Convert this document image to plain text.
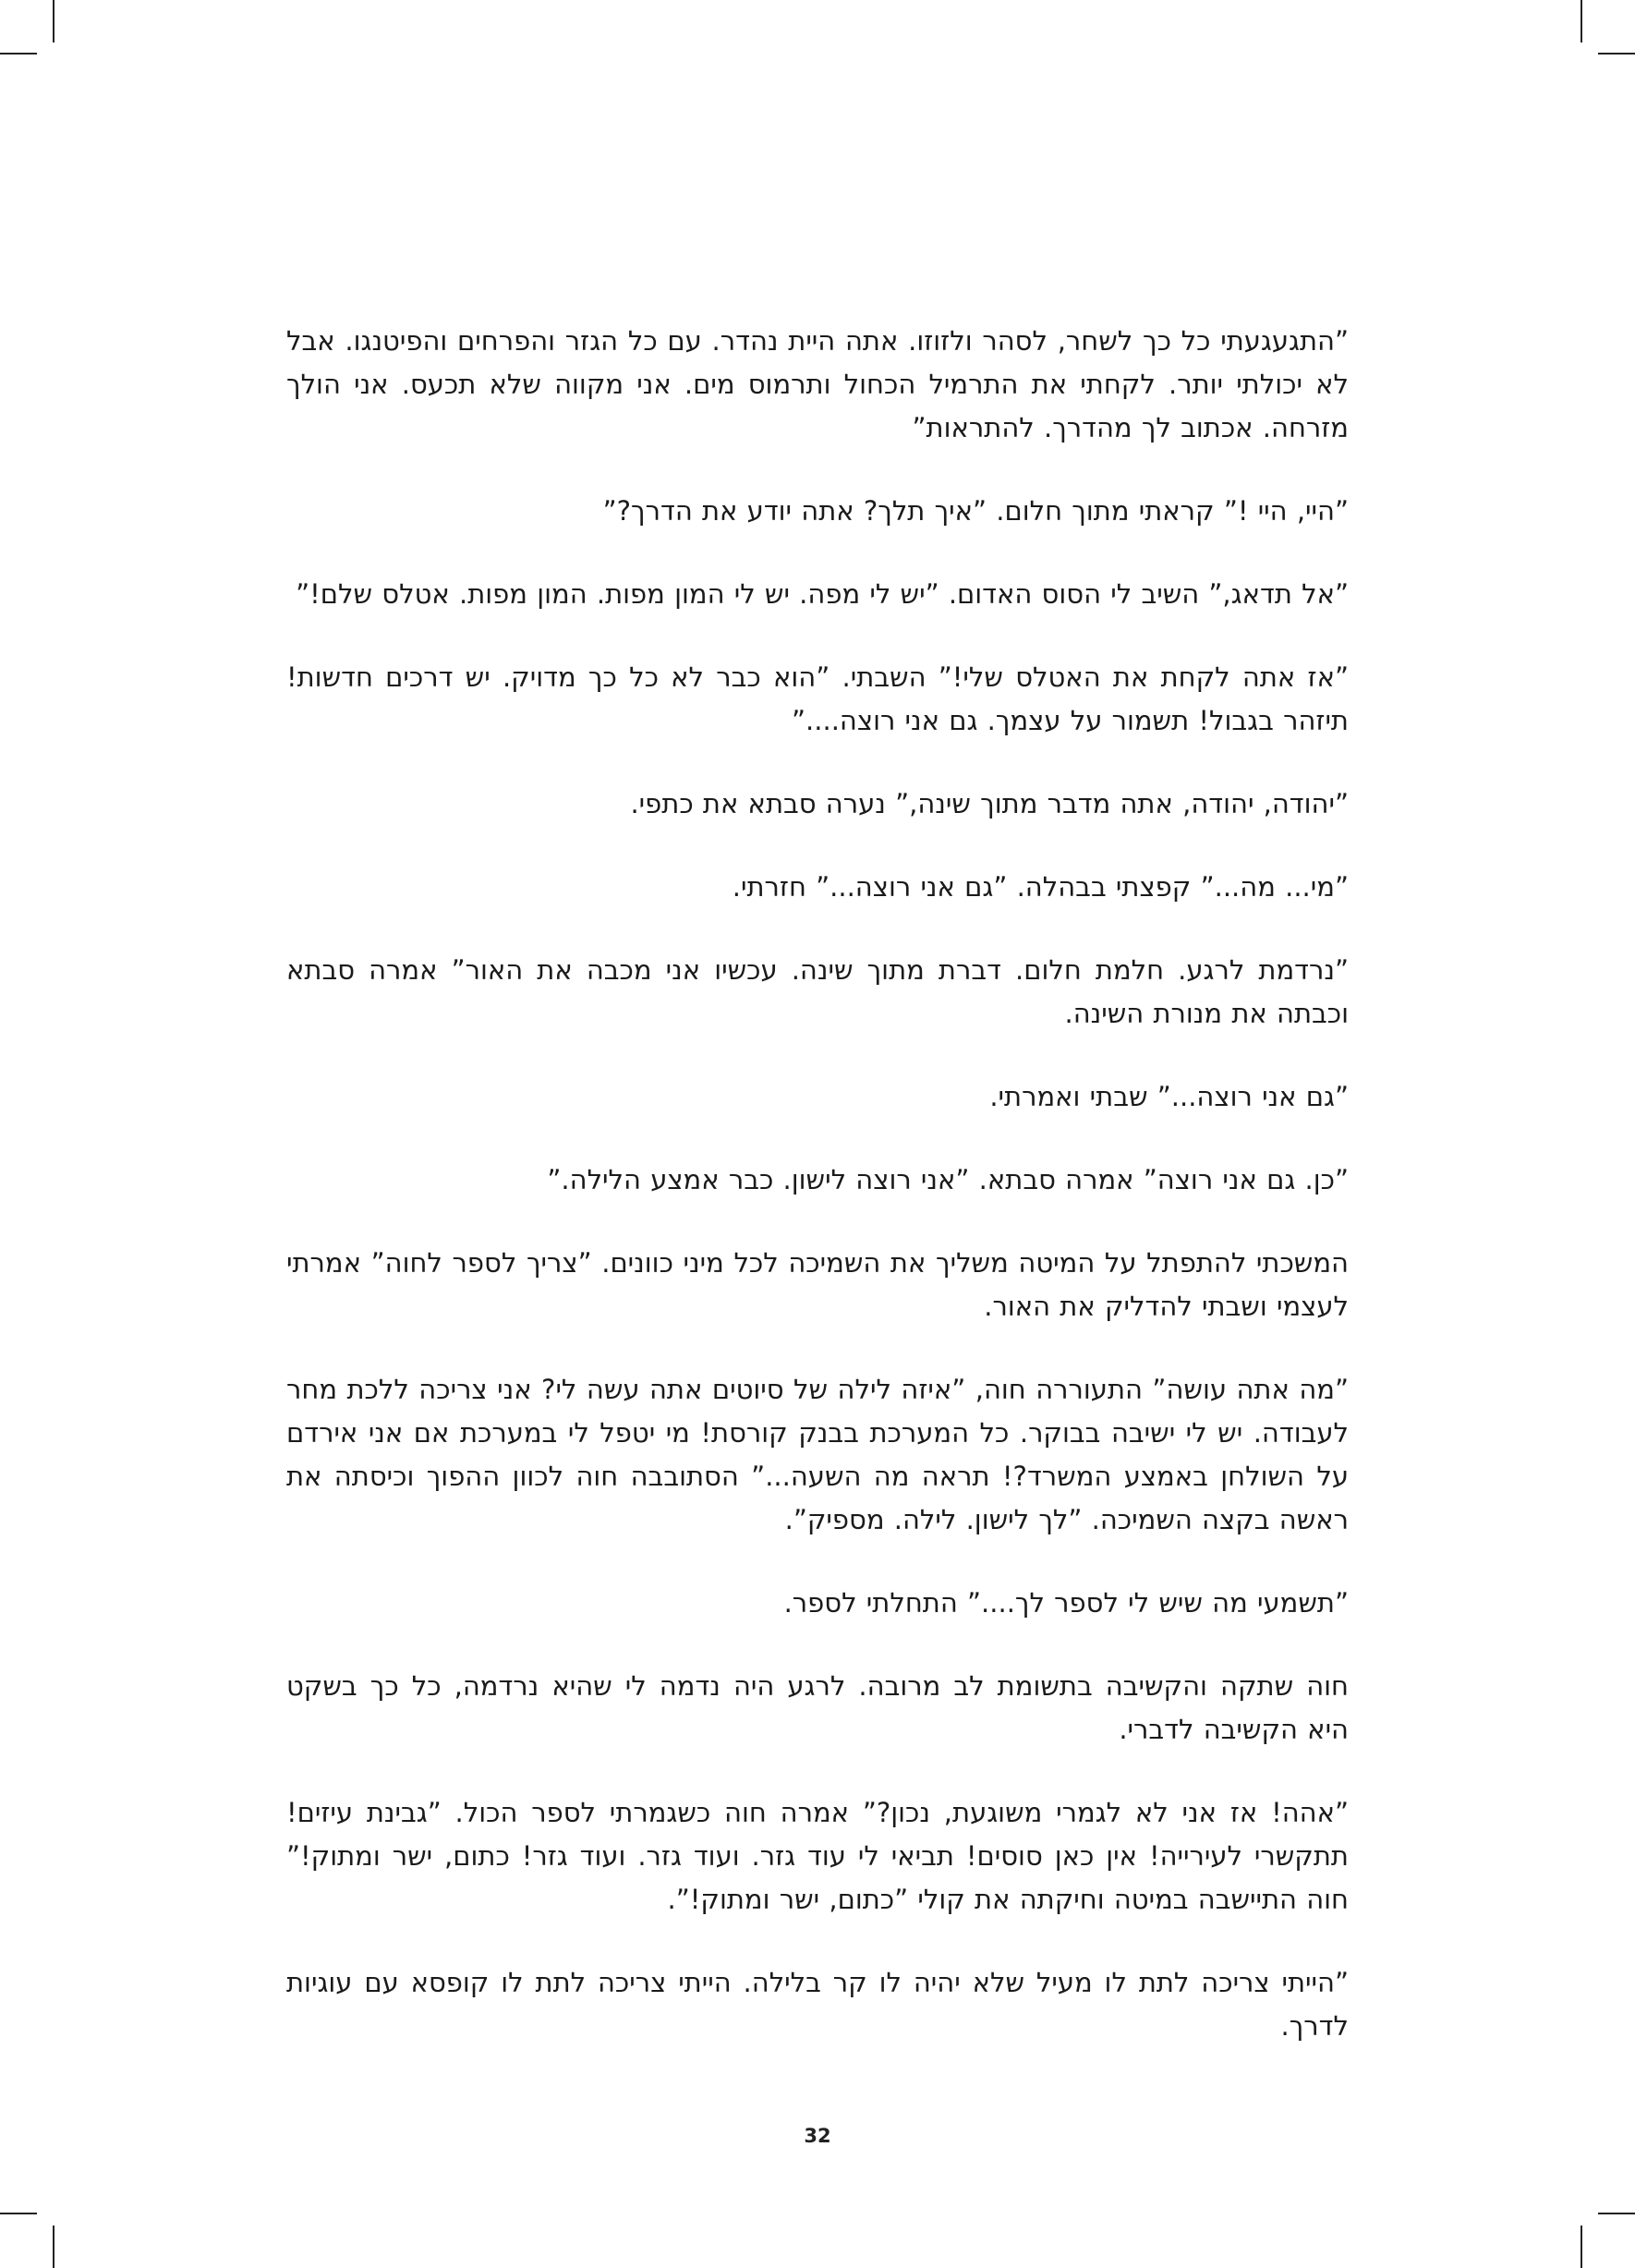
”התגעגעתי כל כך לשחר, לסהר ולזוזו. אתה היית נהדר. עם כל הגזר והפרחים והפיטנגו. אבל לא יכולתי יותר. לקחתי את התרמיל הכחול ותרמוס מים. אני מקווה שלא תכעס. אני הולך מזרחה. אכתוב לך מהדרך. להתראות”

”היי, היי !” קראתי מתוך חלום. ”איך תלך? אתה יודע את הדרך?”

”אל תדאג,” השיב לי הסוס האדום. ”יש לי מפה. יש לי המון מפות. המון מפות. אטלס שלם!”

”אז אתה לקחת את האטלס שלי!” השבתי. ”הוא כבר לא כל כך מדויק. יש דרכים חדשות! תיזהר בגבול! תשמור על עצמך. גם אני רוצה....”

”יהודה, יהודה, אתה מדבר מתוך שינה,” נערה סבתא את כתפי.

”מי... מה...” קפצתי בבהלה. ”גם אני רוצה...” חזרתי.

”נרדמת לרגע. חלמת חלום. דברת מתוך שינה. עכשיו אני מכבה את האור” אמרה סבתא וכבתה את מנורת השינה.

”גם אני רוצה...” שבתי ואמרתי.

”כן. גם אני רוצה” אמרה סבתא. ”אני רוצה לישון. כבר אמצע הלילה.”

המשכתי להתפתל על המיטה משליך את השמיכה לכל מיני כוונים. ”צריך לספר לחוה” אמרתי לעצמי ושבתי להדליק את האור.

”מה אתה עושה” התעוררה חוה, ”איזה לילה של סיוטים אתה עשה לי? אני צריכה ללכת מחר לעבודה. יש לי ישיבה בבוקר. כל המערכת בבנק קורסת! מי יטפל לי במערכת אם אני אירדם על השולחן באמצע המשרד?! תראה מה השעה...” הסתובבה חוה לכוון ההפוך וכיסתה את ראשה בקצה השמיכה. ”לך לישון. לילה. מספיק”.

”תשמעי מה שיש לי לספר לך....” התחלתי לספר.

חוה שתקה והקשיבה בתשומת לב מרובה. לרגע היה נדמה לי שהיא נרדמה, כל כך בשקט היא הקשיבה לדברי.

”אהה! אז אני לא לגמרי משוגעת, נכון?” אמרה חוה כשגמרתי לספר הכול. ”גבינת עיזים! תתקשרי לעירייה! אין כאן סוסים! תביאי לי עוד גזר. ועוד גזר. ועוד גזר! כתום, ישר ומתוק!” חוה התיישבה במיטה וחיקתה את קולי ”כתום, ישר ומתוק!”.

”הייתי צריכה לתת לו מעיל שלא יהיה לו קר בלילה. הייתי צריכה לתת לו קופסא עם עוגיות לדרך.

32
